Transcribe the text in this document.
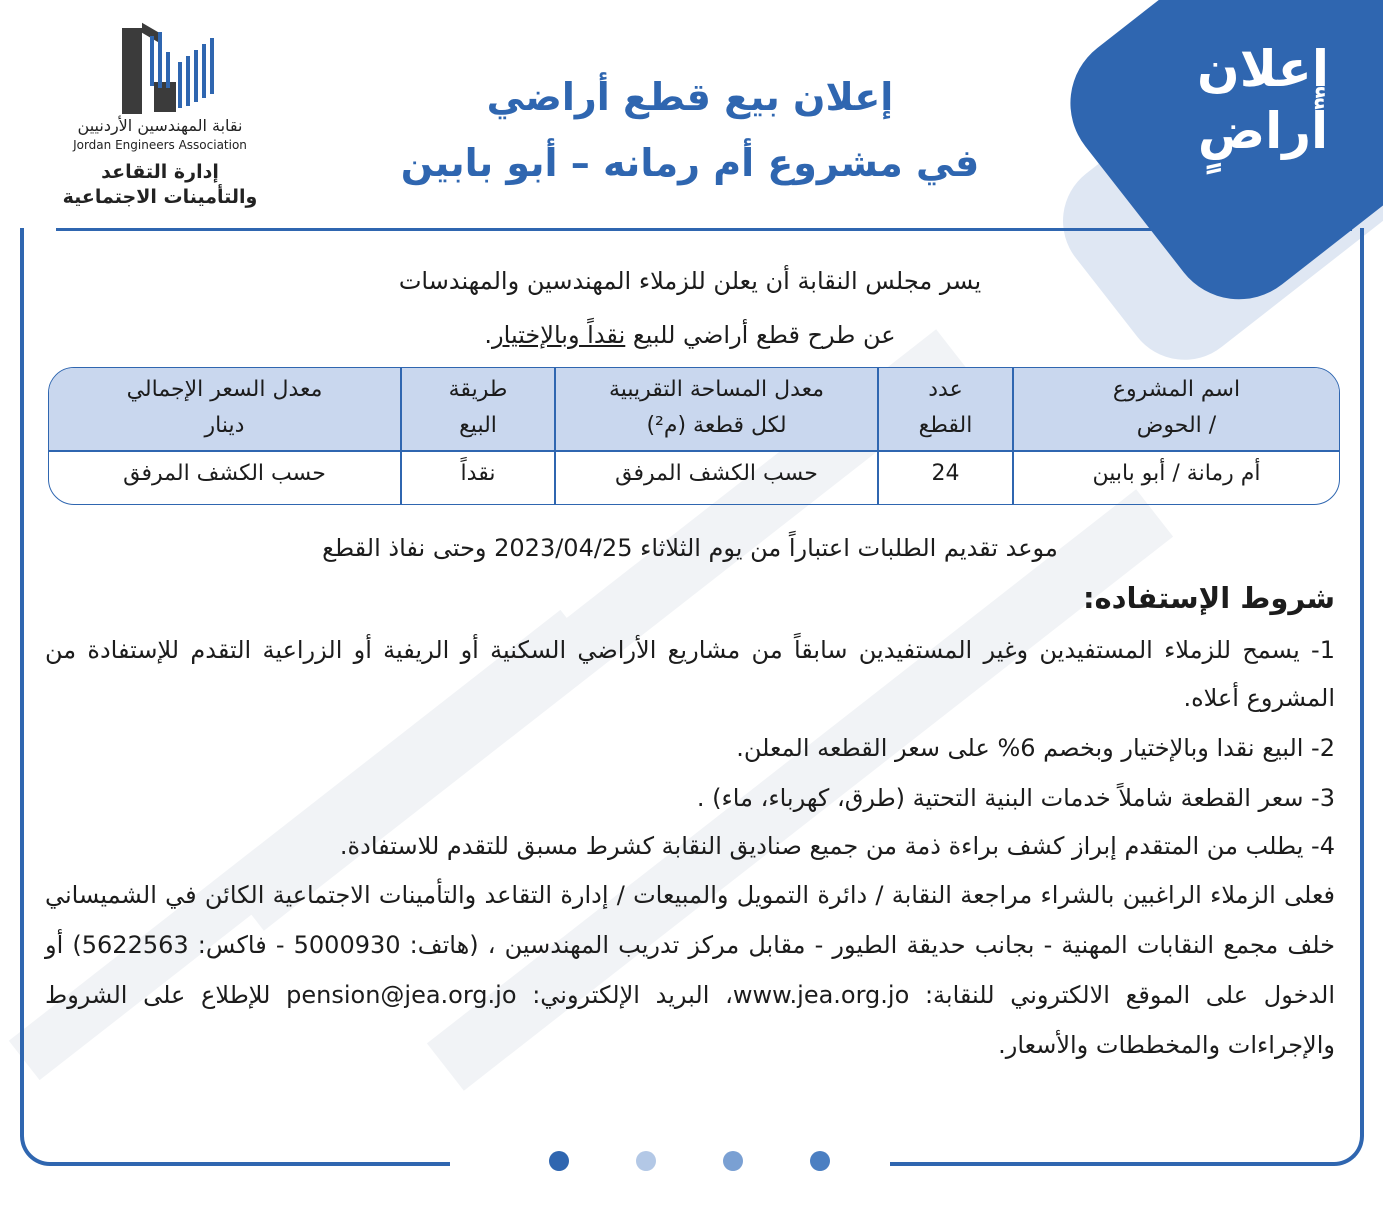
إعلان
أراضٍ
نقابة المهندسين الأردنيين
Jordan Engineers Association
إدارة التقاعد
والتأمينات الاجتماعية
إعلان بيع قطع أراضي
في مشروع أم رمانه – أبو بابين
يسر مجلس النقابة أن يعلن للزملاء المهندسين والمهندسات
عن طرح قطع أراضي للبيع نقداً وبالإختيار.
اسم المشروع
/ الحوض
عدد
القطع
معدل المساحة التقريبية
لكل قطعة (م²)
طريقة
البيع
معدل السعر الإجمالي
دينار
أم رمانة / أبو بابين
24
حسب الكشف المرفق
نقداً
حسب الكشف المرفق
موعد تقديم الطلبات اعتباراً من يوم الثلاثاء 2023/04/25 وحتى نفاذ القطع
شروط الإستفاده:
1- يسمح للزملاء المستفيدين وغير المستفيدين سابقاً من مشاريع الأراضي السكنية أو الريفية أو الزراعية التقدم للإستفادة من المشروع أعلاه.
2- البيع نقدا وبالإختيار وبخصم 6% على سعر القطعه المعلن.
3- سعر القطعة شاملاً خدمات البنية التحتية (طرق، كهرباء، ماء) .
4- يطلب من المتقدم إبراز كشف براءة ذمة من جميع صناديق النقابة كشرط مسبق للتقدم للاستفادة.
فعلى الزملاء الراغبين بالشراء مراجعة النقابة / دائرة التمويل والمبيعات / إدارة التقاعد والتأمينات الاجتماعية الكائن في الشميساني خلف مجمع النقابات المهنية - بجانب حديقة الطيور - مقابل مركز تدريب المهندسين ، (هاتف: 5000930 - فاكس: 5622563) أو الدخول على الموقع الالكتروني للنقابة: www.jea.org.jo، البريد الإلكتروني: pension@jea.org.jo للإطلاع على الشروط والإجراءات والمخططات والأسعار.
